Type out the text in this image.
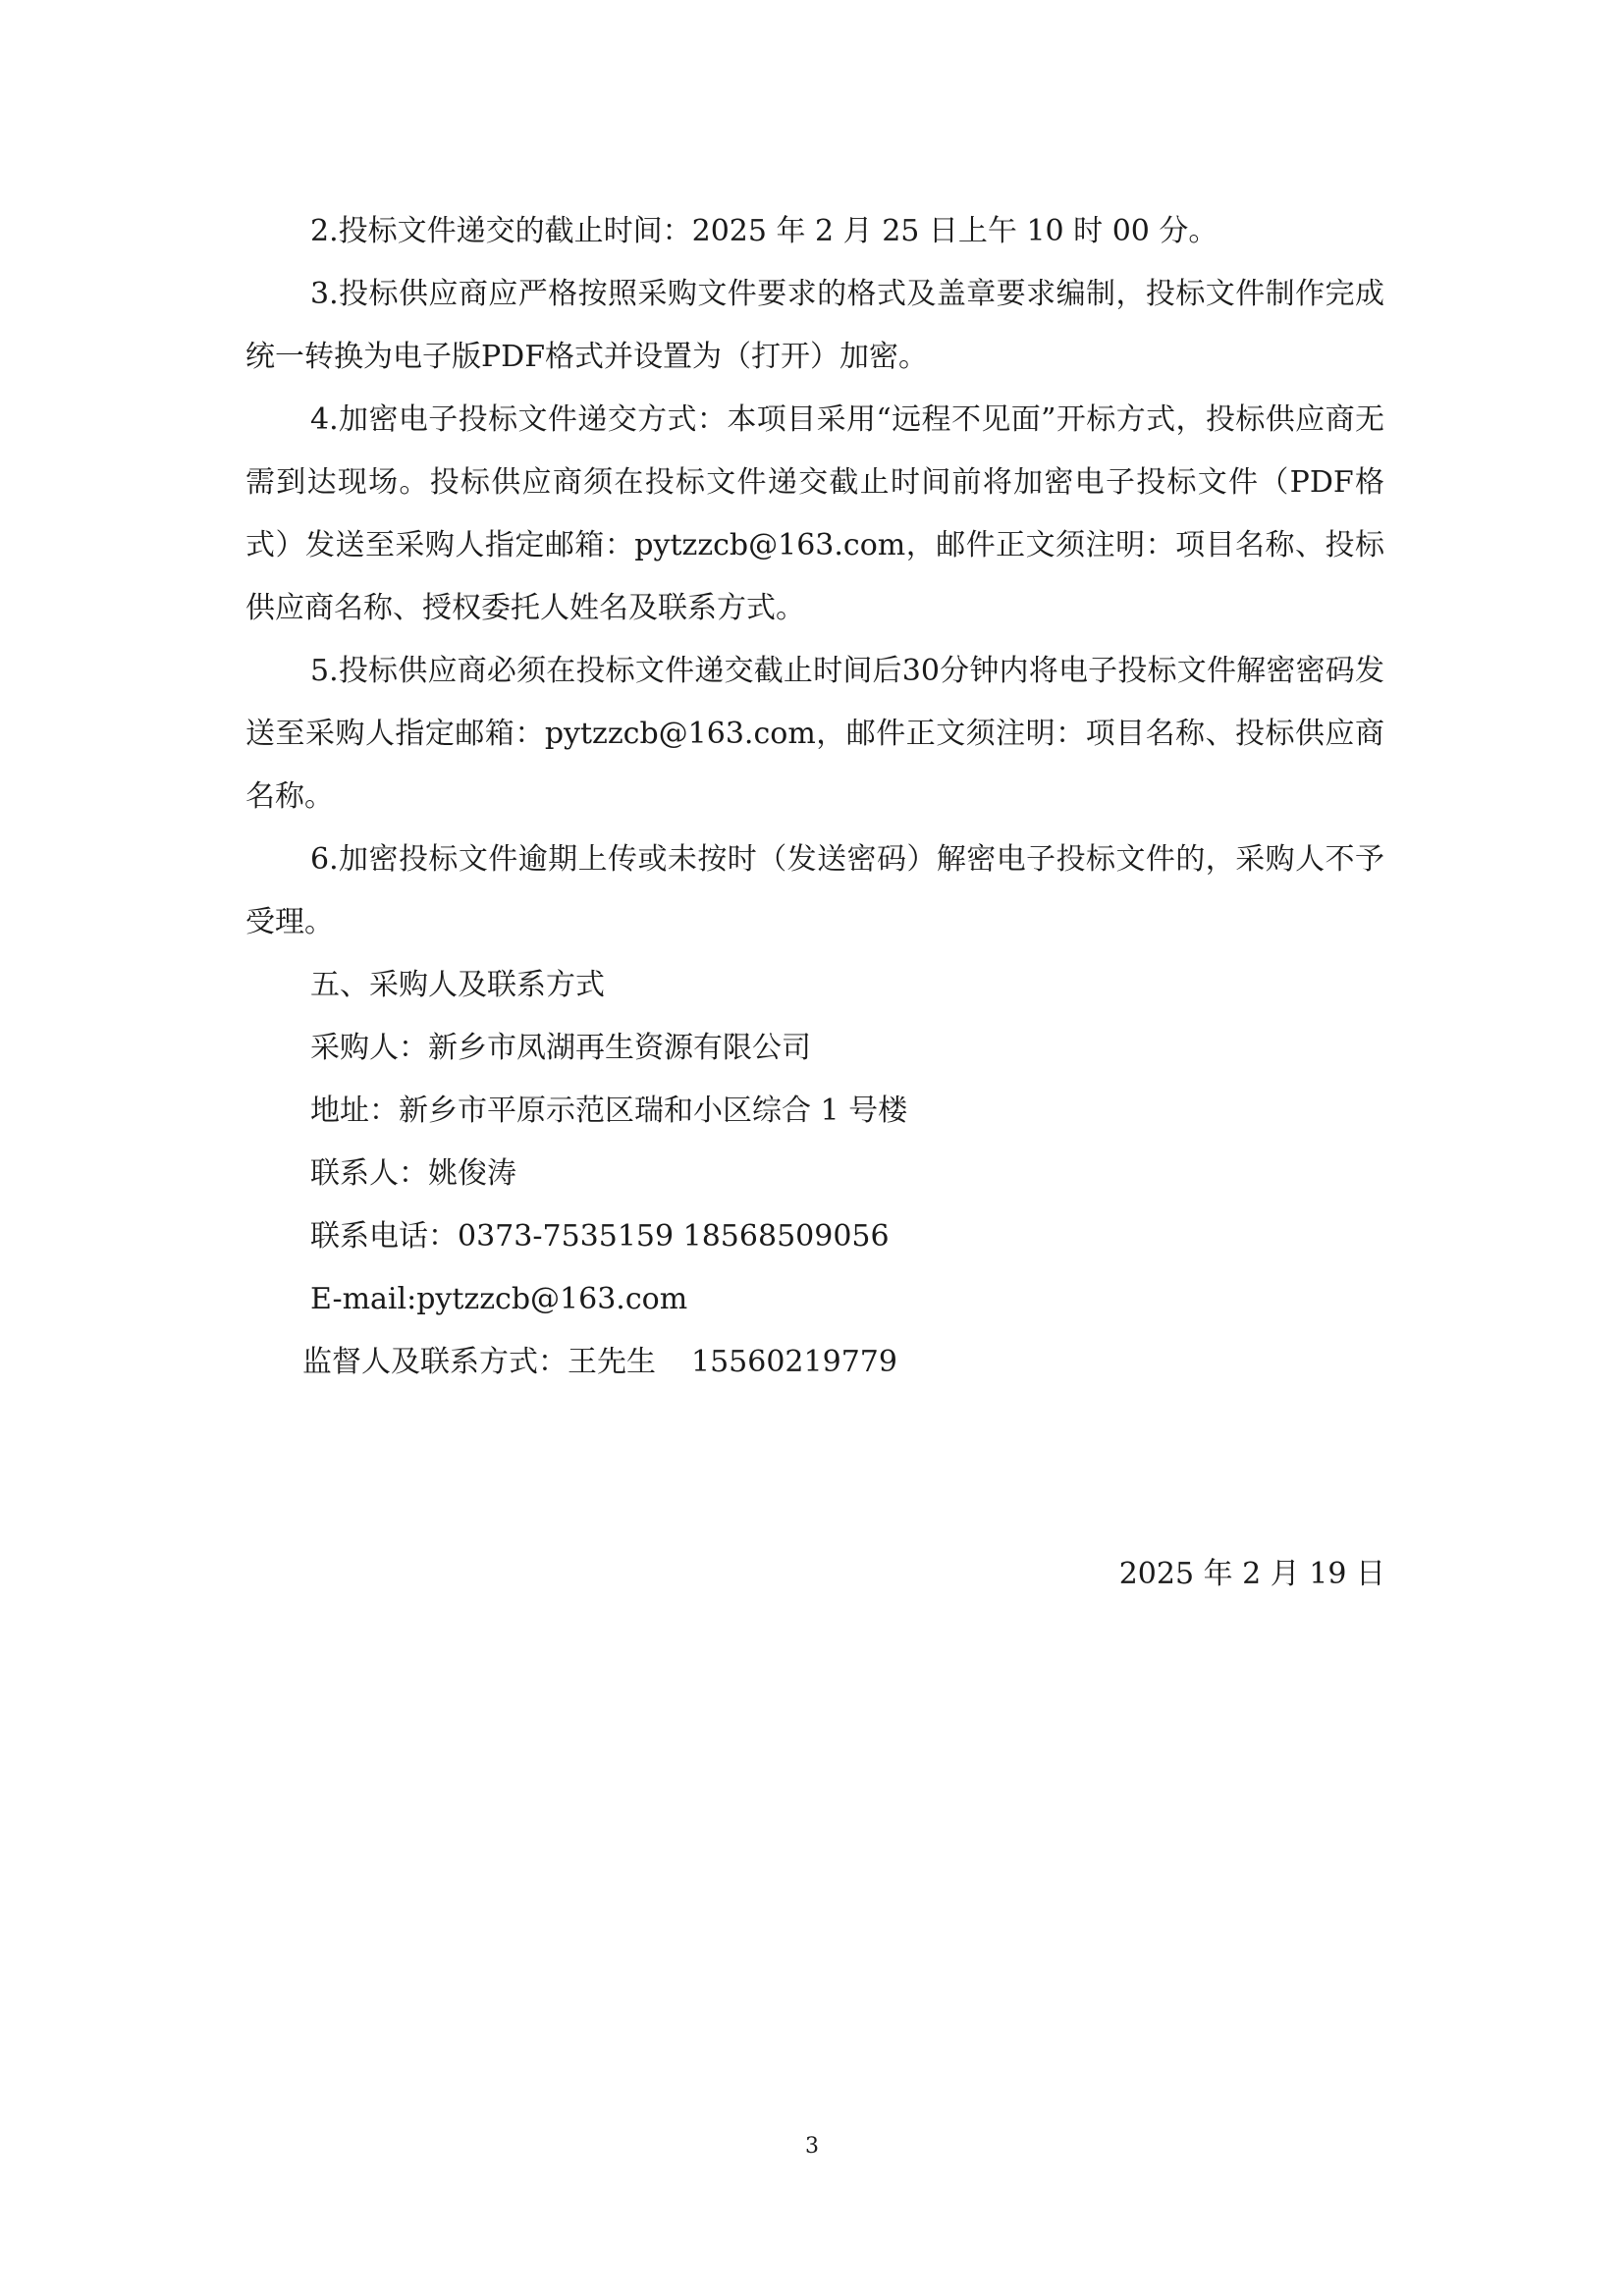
2.投标文件递交的截止时间：2025 年 2 月 25 日上午 10 时 00 分。

3.投标供应商应严格按照采购文件要求的格式及盖章要求编制，投标文件制作完成统一转换为电子版PDF格式并设置为（打开）加密。

4.加密电子投标文件递交方式：本项目采用“远程不见面”开标方式，投标供应商无需到达现场。投标供应商须在投标文件递交截止时间前将加密电子投标文件（PDF格式）发送至采购人指定邮箱：pytzzcb@163.com，邮件正文须注明：项目名称、投标供应商名称、授权委托人姓名及联系方式。

5.投标供应商必须在投标文件递交截止时间后30分钟内将电子投标文件解密密码发送至采购人指定邮箱：pytzzcb@163.com，邮件正文须注明：项目名称、投标供应商名称。

6.加密投标文件逾期上传或未按时（发送密码）解密电子投标文件的，采购人不予受理。

五、采购人及联系方式

采购人：新乡市凤湖再生资源有限公司

地址：新乡市平原示范区瑞和小区综合 1 号楼

联系人：姚俊涛

联系电话：0373-7535159 18568509056

E-mail:pytzzcb@163.com

监督人及联系方式：王先生 15560219779

2025 年 2 月 19 日
3
